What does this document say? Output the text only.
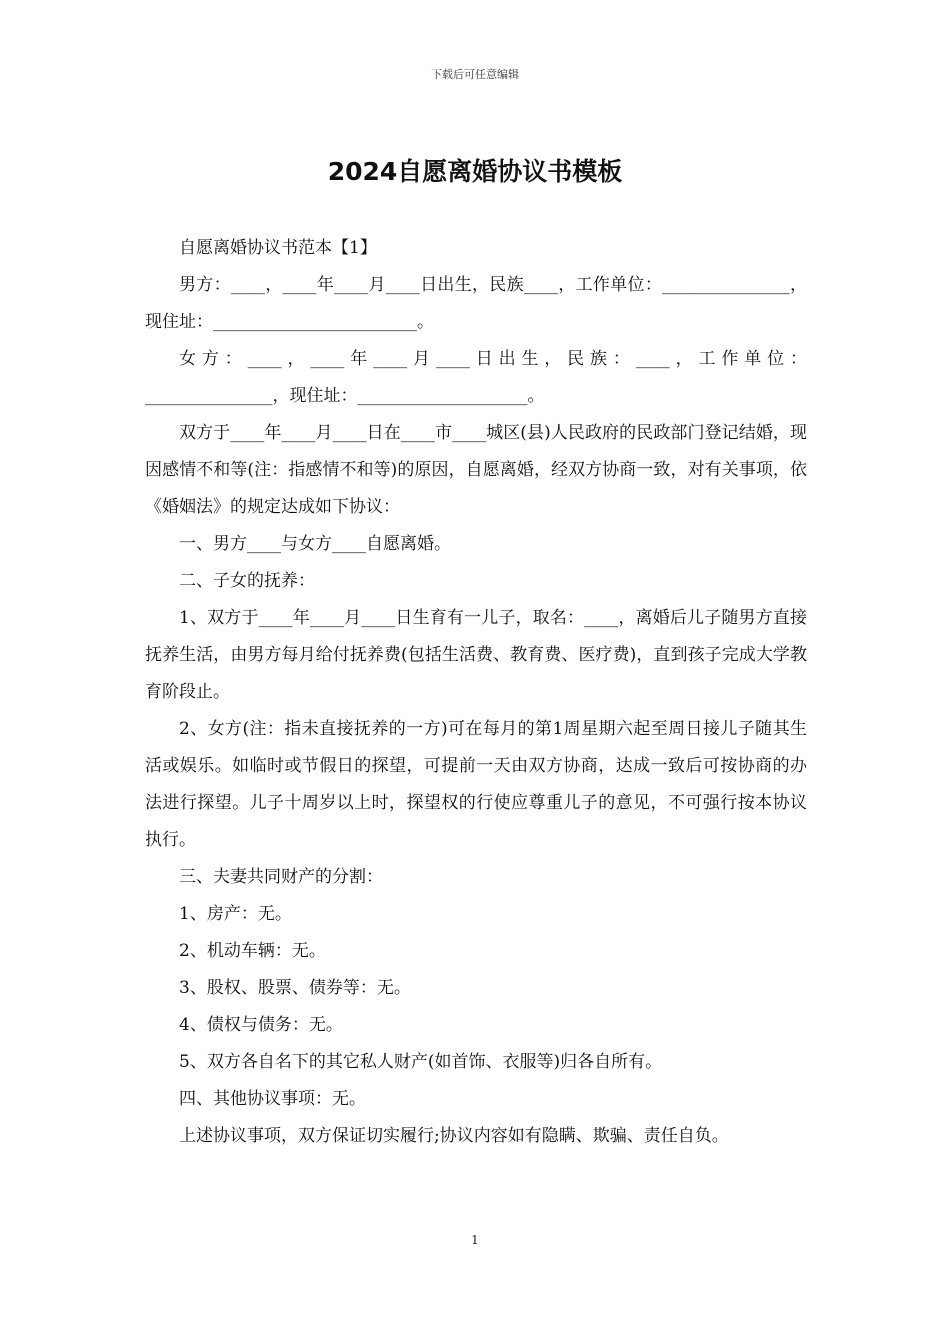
下载后可任意编辑
2024自愿离婚协议书模板

自愿离婚协议书范本【1】

男方：____，____年____月____日出生，民族____，工作单位：_______________，现住址：________________________。

女方：____，____年____月____日出生，民族：____，工作单位：_______________，现住址：____________________。

双方于____年____月____日在____市____城区(县)人民政府的民政部门登记结婚，现因感情不和等(注：指感情不和等)的原因，自愿离婚，经双方协商一致，对有关事项，依《婚姻法》的规定达成如下协议：

一、男方____与女方____自愿离婚。

二、子女的抚养：

1、双方于____年____月____日生育有一儿子，取名：____，离婚后儿子随男方直接抚养生活，由男方每月给付抚养费(包括生活费、教育费、医疗费)，直到孩子完成大学教育阶段止。

2、女方(注：指未直接抚养的一方)可在每月的第1周星期六起至周日接儿子随其生活或娱乐。如临时或节假日的探望，可提前一天由双方协商，达成一致后可按协商的办法进行探望。儿子十周岁以上时，探望权的行使应尊重儿子的意见，不可强行按本协议执行。

三、夫妻共同财产的分割：

1、房产：无。

2、机动车辆：无。

3、股权、股票、债券等：无。

4、债权与债务：无。

5、双方各自名下的其它私人财产(如首饰、衣服等)归各自所有。

四、其他协议事项：无。

上述协议事项，双方保证切实履行;协议内容如有隐瞒、欺骗、责任自负。

1
